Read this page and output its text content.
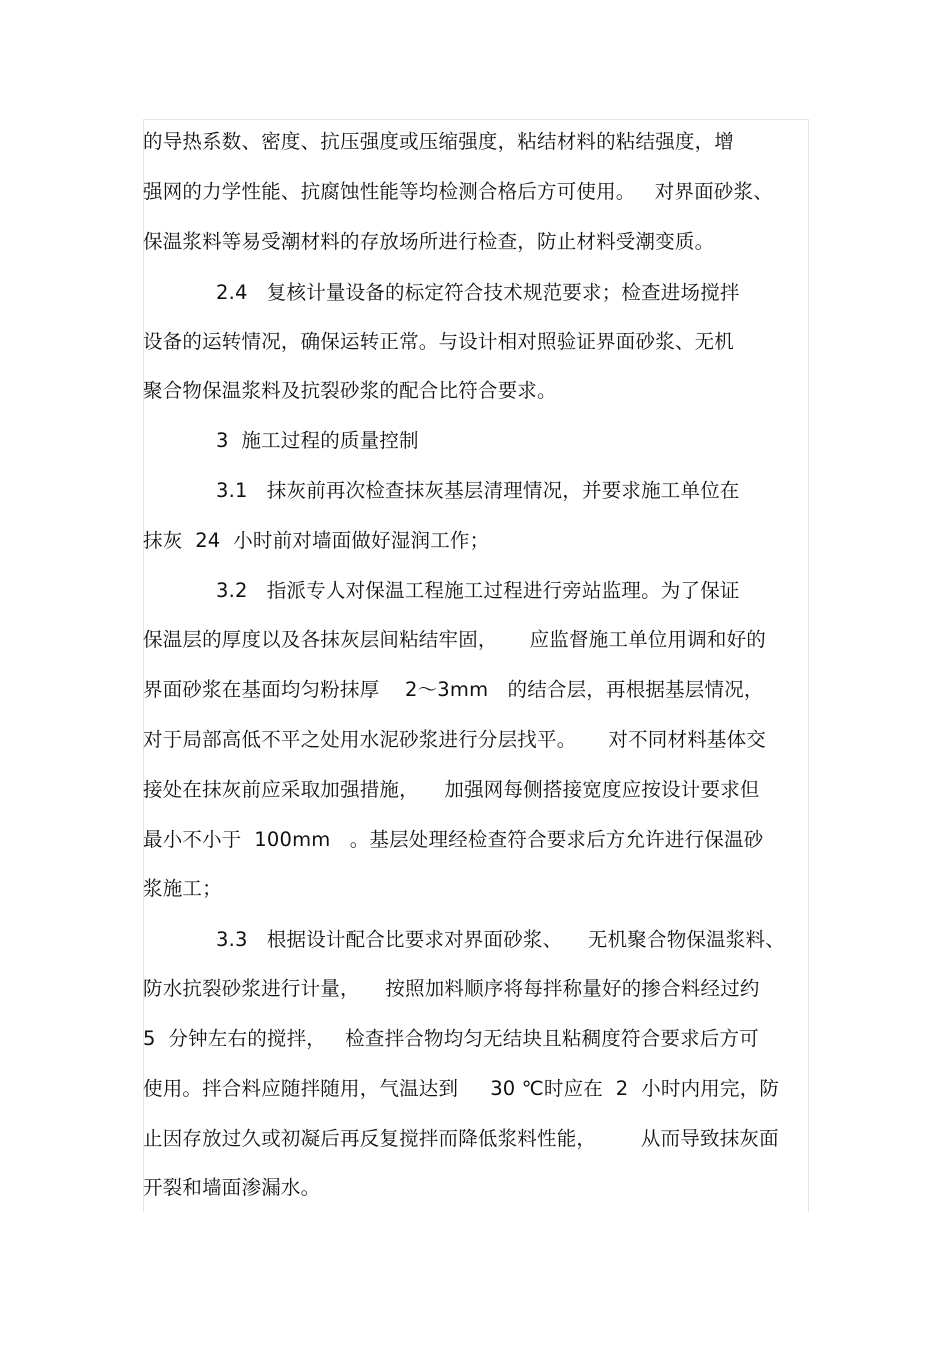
的导热系数、密度、抗压强度或压缩强度，粘结材料的粘结强度，增
强网的力学性能、抗腐蚀性能等均检测合格后方可使用。   对界面砂浆、
保温浆料等易受潮材料的存放场所进行检查，防止材料受潮变质。
2.4   复核计量设备的标定符合技术规范要求；检查进场搅拌
设备的运转情况，确保运转正常。与设计相对照验证界面砂浆、无机
聚合物保温浆料及抗裂砂浆的配合比符合要求。
3  施工过程的质量控制
3.1   抹灰前再次检查抹灰基层清理情况，并要求施工单位在
抹灰  24  小时前对墙面做好湿润工作；
3.2   指派专人对保温工程施工过程进行旁站监理。为了保证
保温层的厚度以及各抹灰层间粘结牢固，     应监督施工单位用调和好的
界面砂浆在基面均匀粉抹厚    2～3mm   的结合层，再根据基层情况，
对于局部高低不平之处用水泥砂浆进行分层找平。     对不同材料基体交
接处在抹灰前应采取加强措施，    加强网每侧搭接宽度应按设计要求但
最小不小于  100mm   。基层处理经检查符合要求后方允许进行保温砂
浆施工；
3.3   根据设计配合比要求对界面砂浆、    无机聚合物保温浆料、
防水抗裂砂浆进行计量，    按照加料顺序将每拌称量好的掺合料经过约
5  分钟左右的搅拌，   检查拌合物均匀无结块且粘稠度符合要求后方可
使用。拌合料应随拌随用，气温达到     30 ℃时应在  2  小时内用完，防
止因存放过久或初凝后再反复搅拌而降低浆料性能，       从而导致抹灰面
开裂和墙面渗漏水。
